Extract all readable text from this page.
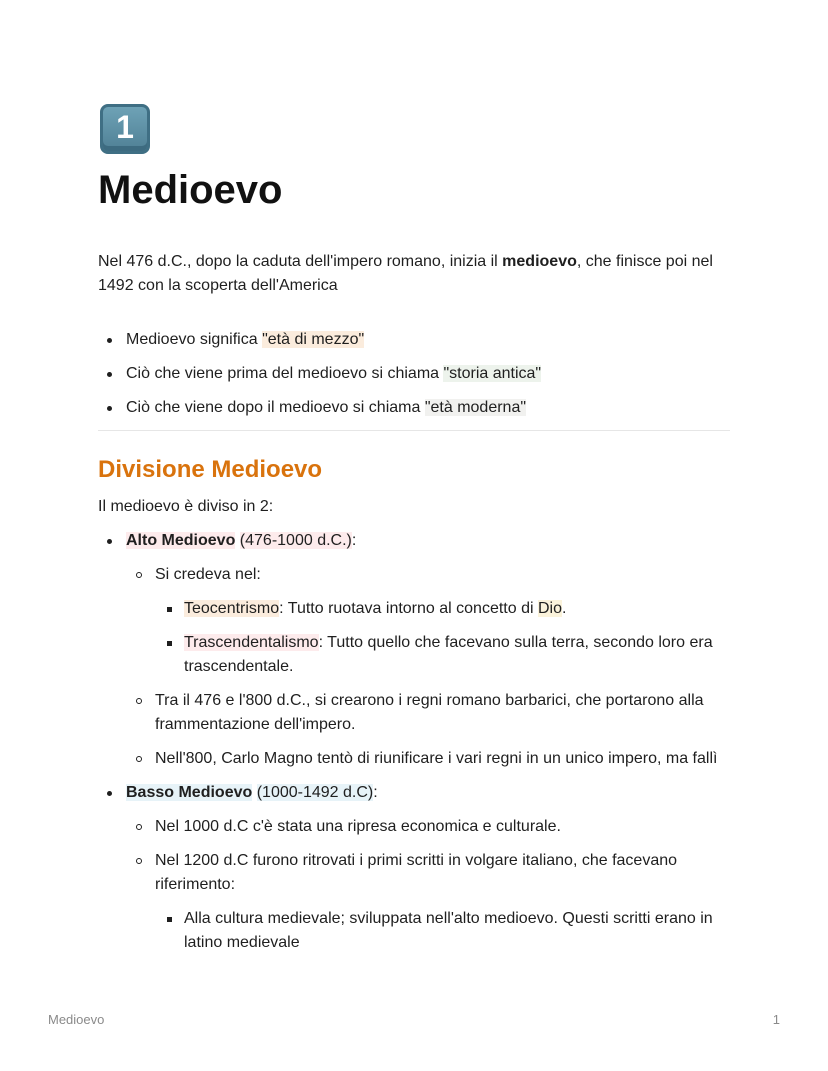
1
Medioevo

Nel 476 d.C., dopo la caduta dell'impero romano, inizia il medioevo, che finisce poi nel 1492 con la scoperta dell'America

Medioevo significa "età di mezzo"
Ciò che viene prima del medioevo si chiama "storia antica"
Ciò che viene dopo il medioevo si chiama "età moderna"
Divisione Medioevo

Il medioevo è diviso in 2:

Alto Medioevo (476-1000 d.C.):
Si credeva nel:
Teocentrismo: Tutto ruotava intorno al concetto di Dio.
Trascendentalismo: Tutto quello che facevano sulla terra, secondo loro era trascendentale.
Tra il 476 e l'800 d.C., si crearono i regni romano barbarici, che portarono alla frammentazione dell'impero.
Nell'800, Carlo Magno tentò di riunificare i vari regni in un unico impero, ma fallì
Basso Medioevo (1000-1492 d.C):
Nel 1000 d.C c'è stata una ripresa economica e culturale.
Nel 1200 d.C furono ritrovati i primi scritti in volgare italiano, che facevano riferimento:
Alla cultura medievale; sviluppata nell'alto medioevo. Questi scritti erano in latino medievale
Medioevo	1
